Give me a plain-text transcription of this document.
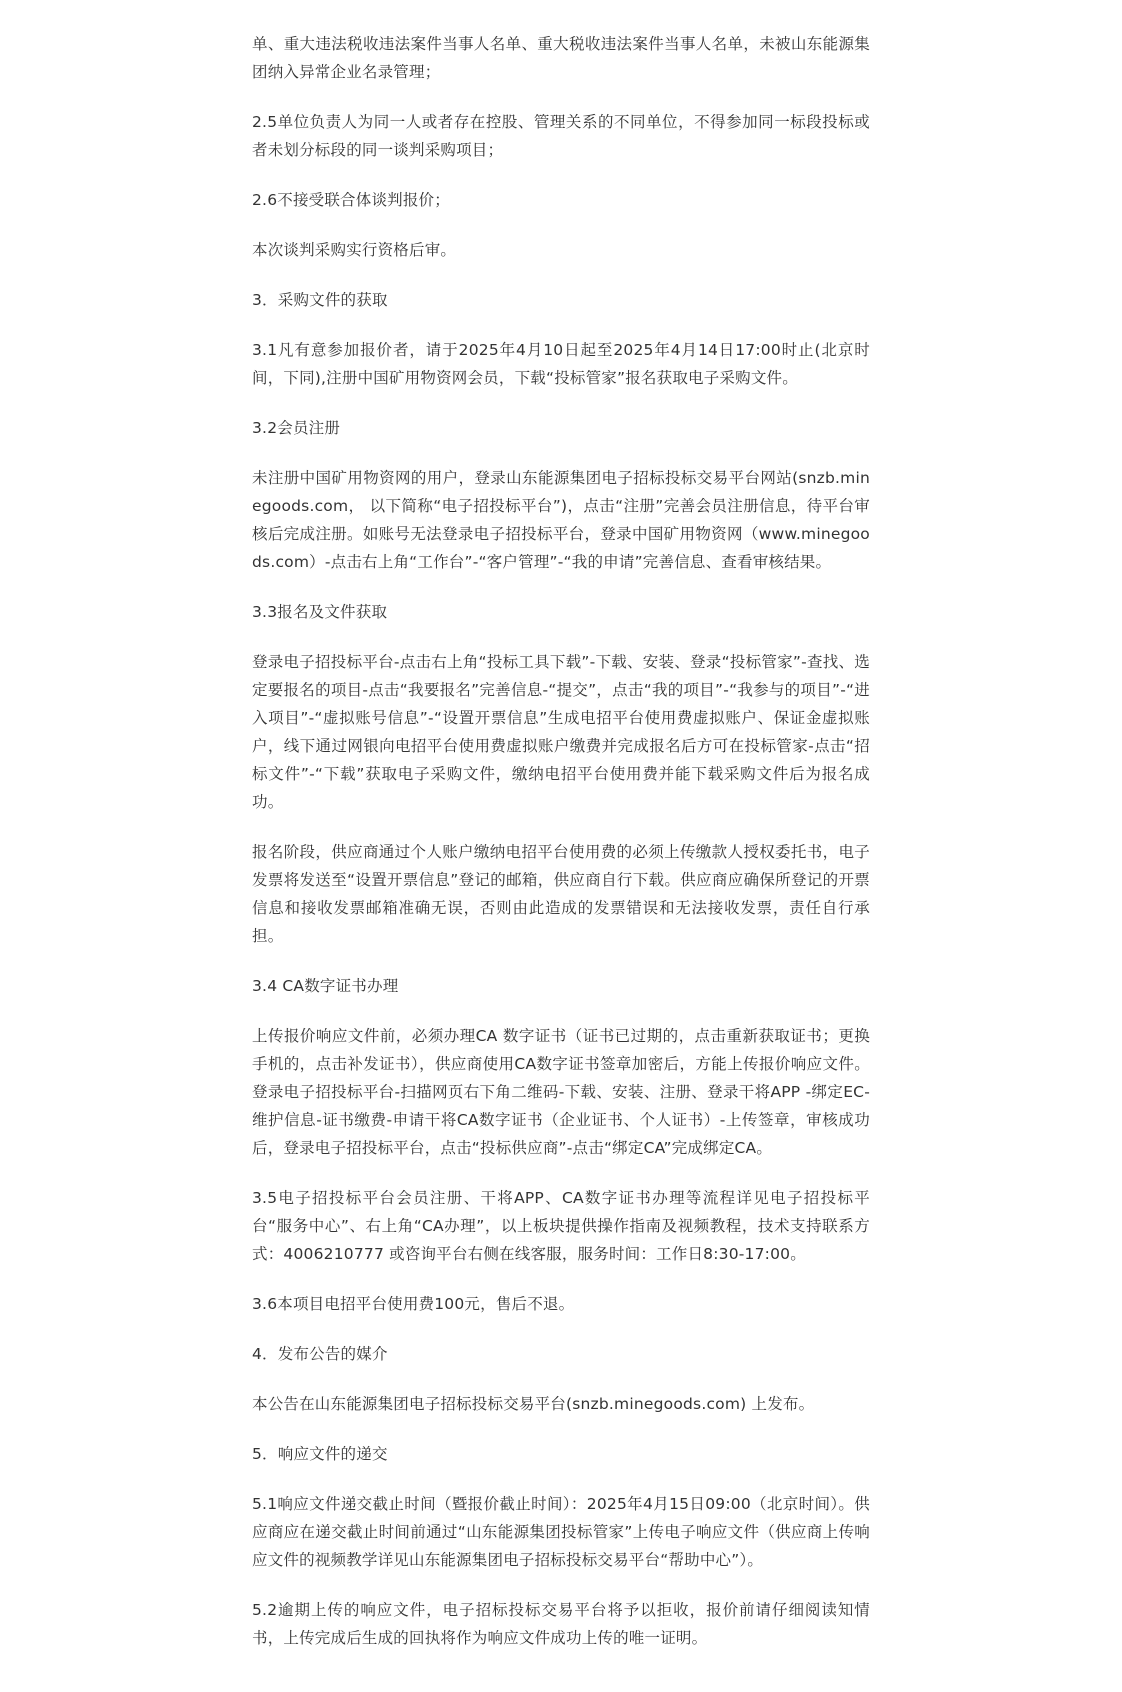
单、重大违法税收违法案件当事人名单、重大税收违法案件当事人名单，未被山东能源集团纳入异常企业名录管理；

2.5单位负责人为同一人或者存在控股、管理关系的不同单位，不得参加同一标段投标或者未划分标段的同一谈判采购项目；

2.6不接受联合体谈判报价；

本次谈判采购实行资格后审。

3．采购文件的获取

3.1凡有意参加报价者，请于2025年4月10日起至2025年4月14日17:00时止(北京时间，下同),注册中国矿用物资网会员，下载“投标管家”报名获取电子采购文件。

3.2会员注册

未注册中国矿用物资网的用户，登录山东能源集团电子招标投标交易平台网站(snzb.minegoods.com， 以下简称“电子招投标平台”)，点击“注册”完善会员注册信息，待平台审核后完成注册。如账号无法登录电子招投标平台，登录中国矿用物资网（www.minegoods.com）-点击右上角“工作台”-“客户管理”-“我的申请”完善信息、查看审核结果。

3.3报名及文件获取

登录电子招投标平台-点击右上角“投标工具下载”-下载、安装、登录“投标管家”-查找、选定要报名的项目-点击“我要报名”完善信息-“提交”，点击“我的项目”-“我参与的项目”-“进入项目”-“虚拟账号信息”-“设置开票信息”生成电招平台使用费虚拟账户、保证金虚拟账户，线下通过网银向电招平台使用费虚拟账户缴费并完成报名后方可在投标管家-点击“招标文件”-“下载”获取电子采购文件，缴纳电招平台使用费并能下载采购文件后为报名成功。

报名阶段，供应商通过个人账户缴纳电招平台使用费的必须上传缴款人授权委托书，电子发票将发送至“设置开票信息”登记的邮箱，供应商自行下载。供应商应确保所登记的开票信息和接收发票邮箱准确无误，否则由此造成的发票错误和无法接收发票，责任自行承担。

3.4 CA数字证书办理

上传报价响应文件前，必须办理CA 数字证书（证书已过期的，点击重新获取证书；更换手机的，点击补发证书），供应商使用CA数字证书签章加密后，方能上传报价响应文件。登录电子招投标平台-扫描网页右下角二维码-下载、安装、注册、登录干将APP -绑定EC-维护信息-证书缴费-申请干将CA数字证书（企业证书、个人证书）-上传签章，审核成功后，登录电子招投标平台，点击“投标供应商”-点击“绑定CA”完成绑定CA。

3.5电子招投标平台会员注册、干将APP、CA数字证书办理等流程详见电子招投标平台“服务中心”、右上角“CA办理”，以上板块提供操作指南及视频教程，技术支持联系方式：4006210777 或咨询平台右侧在线客服，服务时间：工作日8:30-17:00。

3.6本项目电招平台使用费100元，售后不退。

4．发布公告的媒介

本公告在山东能源集团电子招标投标交易平台(snzb.minegoods.com) 上发布。

5．响应文件的递交

5.1响应文件递交截止时间（暨报价截止时间）：2025年4月15日09:00（北京时间）。供应商应在递交截止时间前通过“山东能源集团投标管家”上传电子响应文件（供应商上传响应文件的视频教学详见山东能源集团电子招标投标交易平台“帮助中心”）。

5.2逾期上传的响应文件，电子招标投标交易平台将予以拒收，报价前请仔细阅读知情书，上传完成后生成的回执将作为响应文件成功上传的唯一证明。
